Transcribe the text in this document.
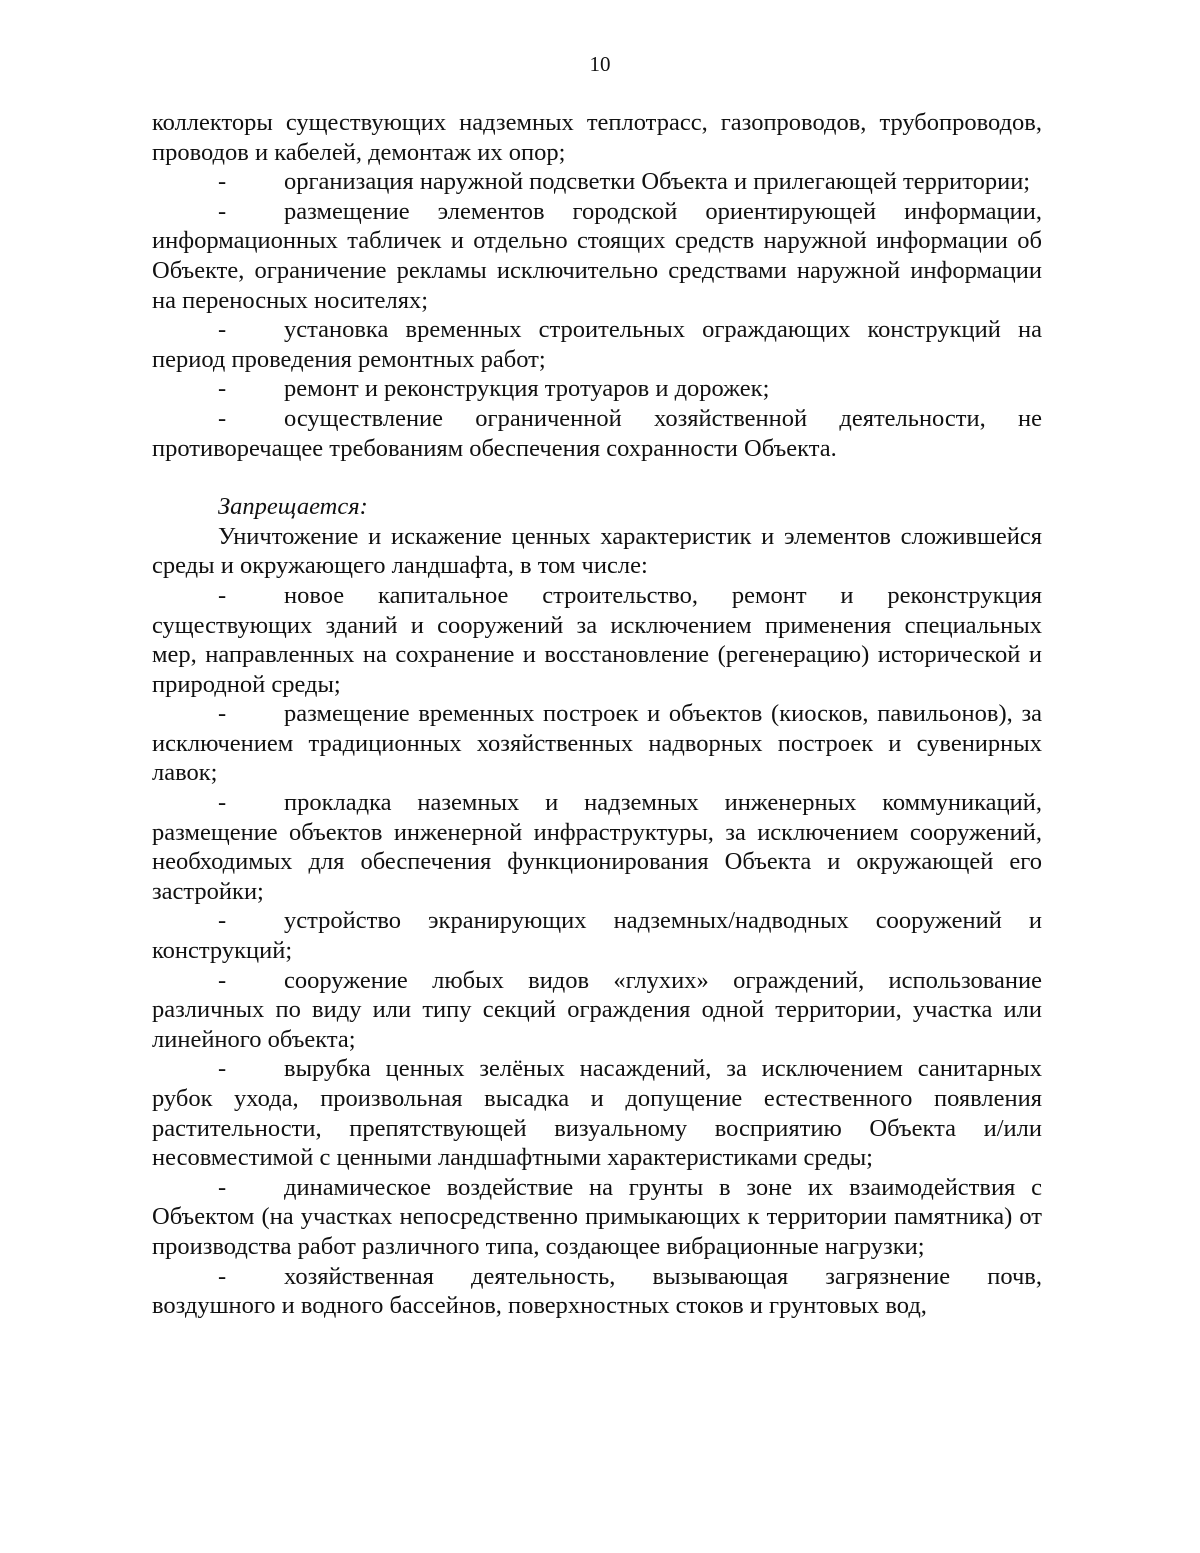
10

коллекторы существующих надземных теплотрасс, газопроводов, трубопроводов, проводов и кабелей, демонтаж их опор;

- организация наружной подсветки Объекта и прилегающей территории;

- размещение элементов городской ориентирующей информации, информационных табличек и отдельно стоящих средств наружной информации об Объекте, ограничение рекламы исключительно средствами наружной информации на переносных носителях;

- установка временных строительных ограждающих конструкций на период проведения ремонтных работ;

- ремонт и реконструкция тротуаров и дорожек;

- осуществление ограниченной хозяйственной деятельности, не противоречащее требованиям обеспечения сохранности Объекта.

Запрещается:

Уничтожение и искажение ценных характеристик и элементов сложившейся среды и окружающего ландшафта, в том числе:

- новое капитальное строительство, ремонт и реконструкция существующих зданий и сооружений за исключением применения специальных мер, направленных на сохранение и восстановление (регенерацию) исторической и природной среды;

- размещение временных построек и объектов (киосков, павильонов), за исключением традиционных хозяйственных надворных построек и сувенирных лавок;

- прокладка наземных и надземных инженерных коммуникаций, размещение объектов инженерной инфраструктуры, за исключением сооружений, необходимых для обеспечения функционирования Объекта и окружающей его застройки;

- устройство экранирующих надземных/надводных сооружений и конструкций;

- сооружение любых видов «глухих» ограждений, использование различных по виду или типу секций ограждения одной территории, участка или линейного объекта;

- вырубка ценных зелёных насаждений, за исключением санитарных рубок ухода, произвольная высадка и допущение естественного появления растительности, препятствующей визуальному восприятию Объекта и/или несовместимой с ценными ландшафтными характеристиками среды;

- динамическое воздействие на грунты в зоне их взаимодействия с Объектом (на участках непосредственно примыкающих к территории памятника) от производства работ различного типа, создающее вибрационные нагрузки;

- хозяйственная деятельность, вызывающая загрязнение почв, воздушного и водного бассейнов, поверхностных стоков и грунтовых вод,
